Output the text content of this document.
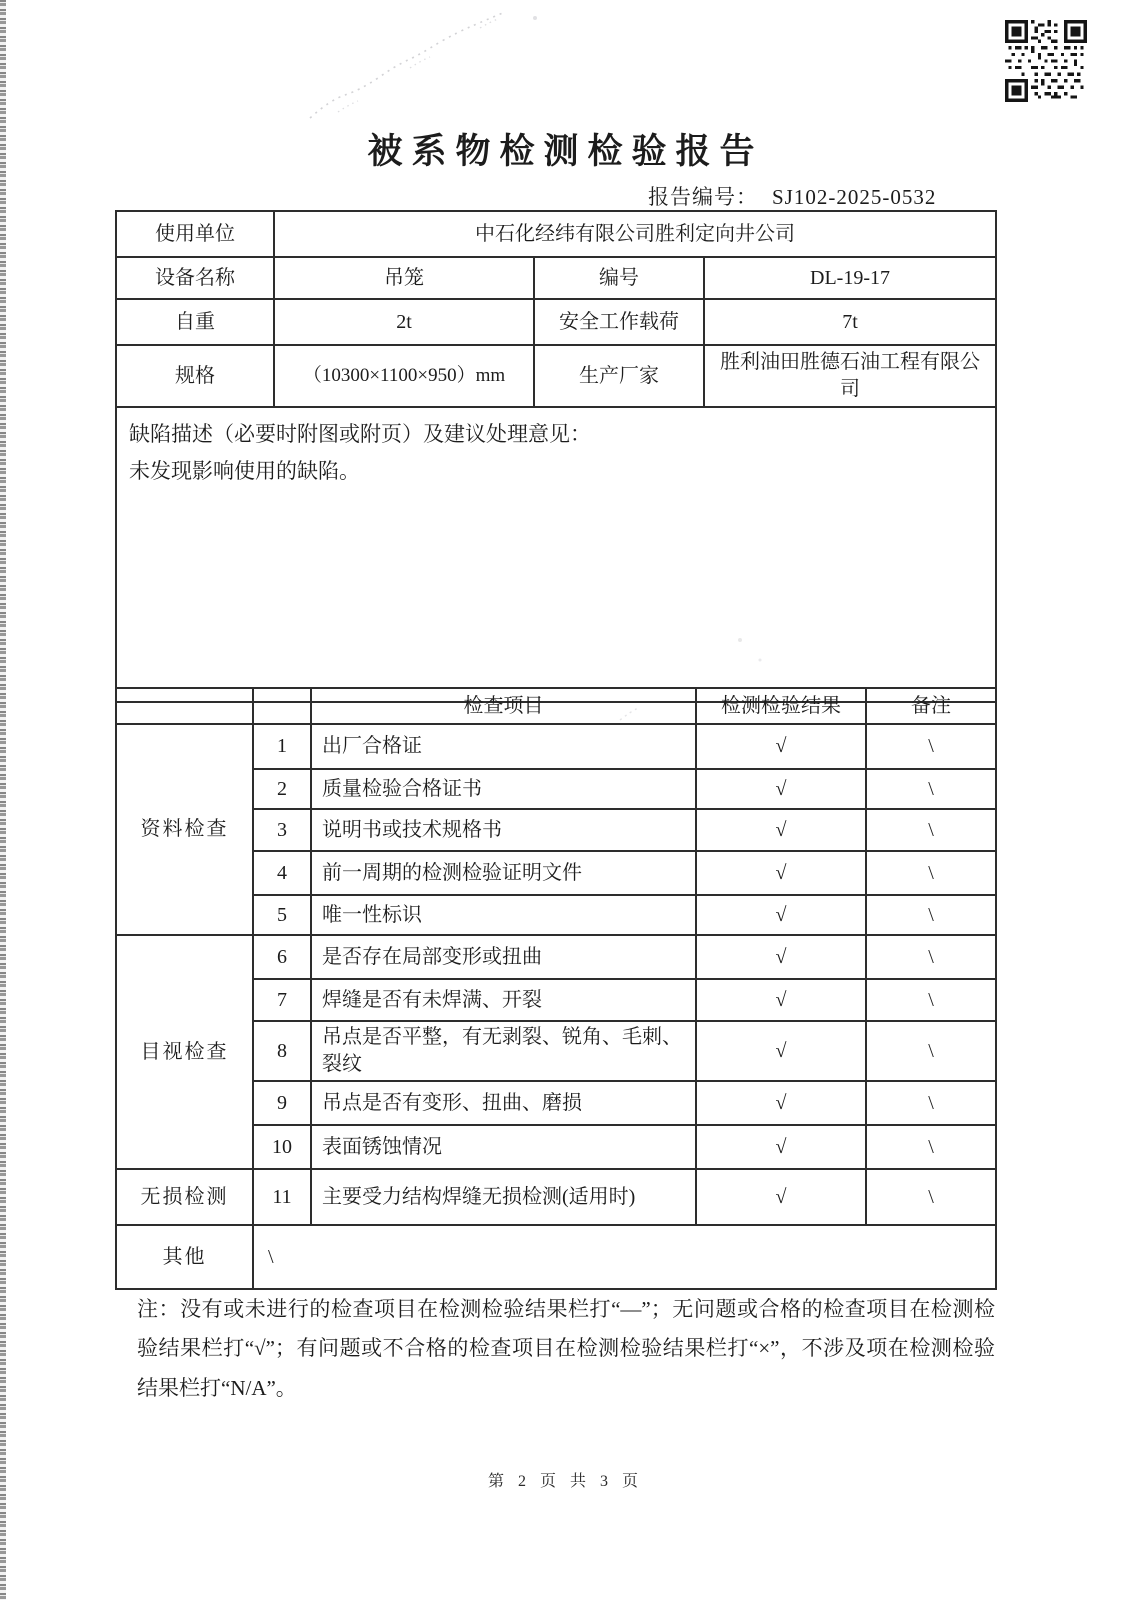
被系物检测检验报告
报告编号： SJ102-2025-0532
使用单位	中石化经纬有限公司胜利定向井公司		
设备名称	吊笼	编号	DL-19-17
自重	2t	安全工作载荷	7t
规格	（10300×1100×950）mm	生产厂家	胜利油田胜德石油工程有限公司

缺陷描述（必要时附图或附页）及建议处理意见：
未发现影响使用的缺陷。			
		检查项目	检测检验结果	备注
资料检查	1	出厂合格证	√	\
	2	质量检验合格证书	√	\
	3	说明书或技术规格书	√	\
	4	前一周期的检测检验证明文件	√	\
	5	唯一性标识	√	\
目视检查	6	是否存在局部变形或扭曲	√	\
	7	焊缝是否有未焊满、开裂	√	\
	8	吊点是否平整，有无剥裂、锐角、毛刺、裂纹	√	\
	9	吊点是否有变形、扭曲、磨损	√	\
	10	表面锈蚀情况	√	\
无损检测	11	主要受力结构焊缝无损检测(适用时)	√	\
其他	\			

注：没有或未进行的检查项目在检测检验结果栏打“—”；无问题或合格的检查项目在检测检验结果栏打“√”；有问题或不合格的检查项目在检测检验结果栏打“×”，不涉及项在检测检验结果栏打“N/A”。

第 2 页 共 3 页
